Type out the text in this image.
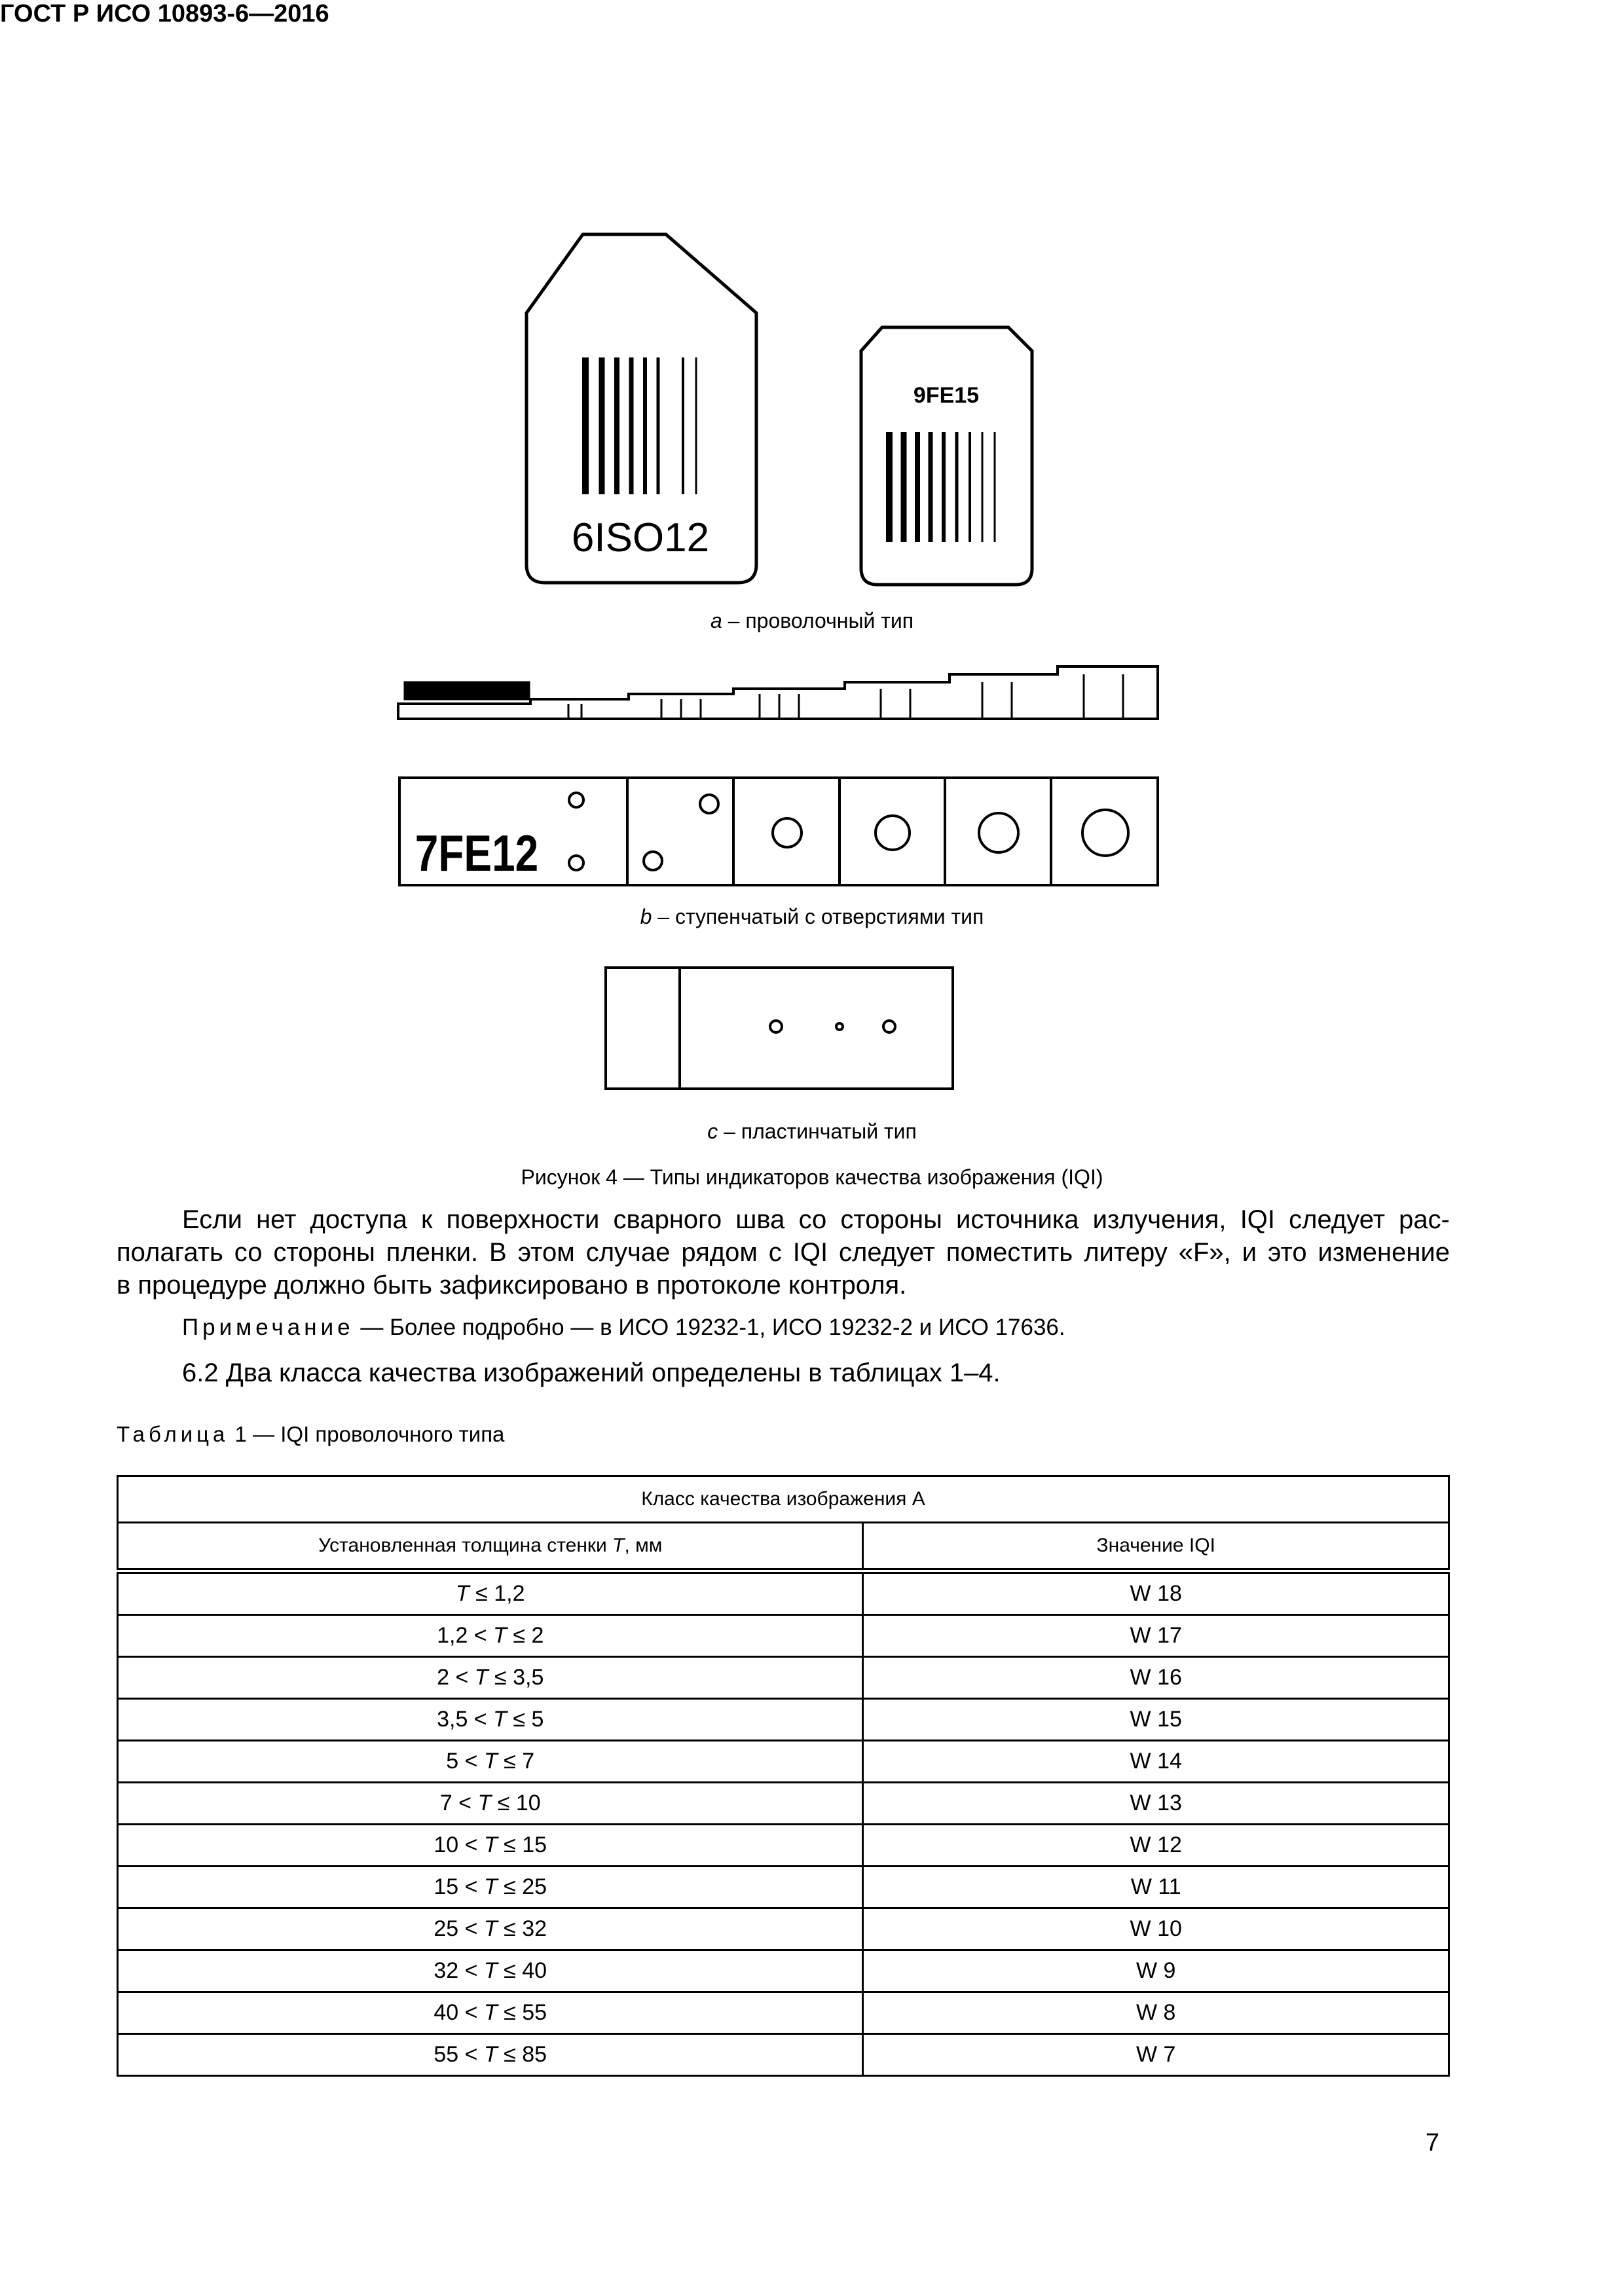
ГОСТ Р ИСО 10893-6—2016
6ISO12
9FE15
7FE12
a – проволочный тип
b – ступенчатый с отверстиями тип
c – пластинчатый тип
Рисунок 4 — Типы индикаторов качества изображения (IQI)

Если нет доступа к поверхности сварного шва со стороны источника излучения, IQI следует рас-

полагать со стороны пленки. В этом случае рядом с IQI следует поместить литеру «F», и это изменение

в процедуре должно быть зафиксировано в протоколе контроля.

Примечание — Более подробно — в ИСО 19232-1, ИСО 19232-2 и ИСО 17636.
6.2 Два класса качества изображений определены в таблицах 1–4.
Таблица 1 — IQI проволочного типа
Класс качества изображения А	
Установленная толщина стенки T, мм	Значение IQI
T ≤ 1,2	W 18
1,2 < T ≤ 2	W 17
2 < T ≤ 3,5	W 16
3,5 < T ≤ 5	W 15
5 < T ≤ 7	W 14
7 < T ≤ 10	W 13
10 < T ≤ 15	W 12
15 < T ≤ 25	W 11
25 < T ≤ 32	W 10
32 < T ≤ 40	W 9
40 < T ≤ 55	W 8
55 < T ≤ 85	W 7
7
